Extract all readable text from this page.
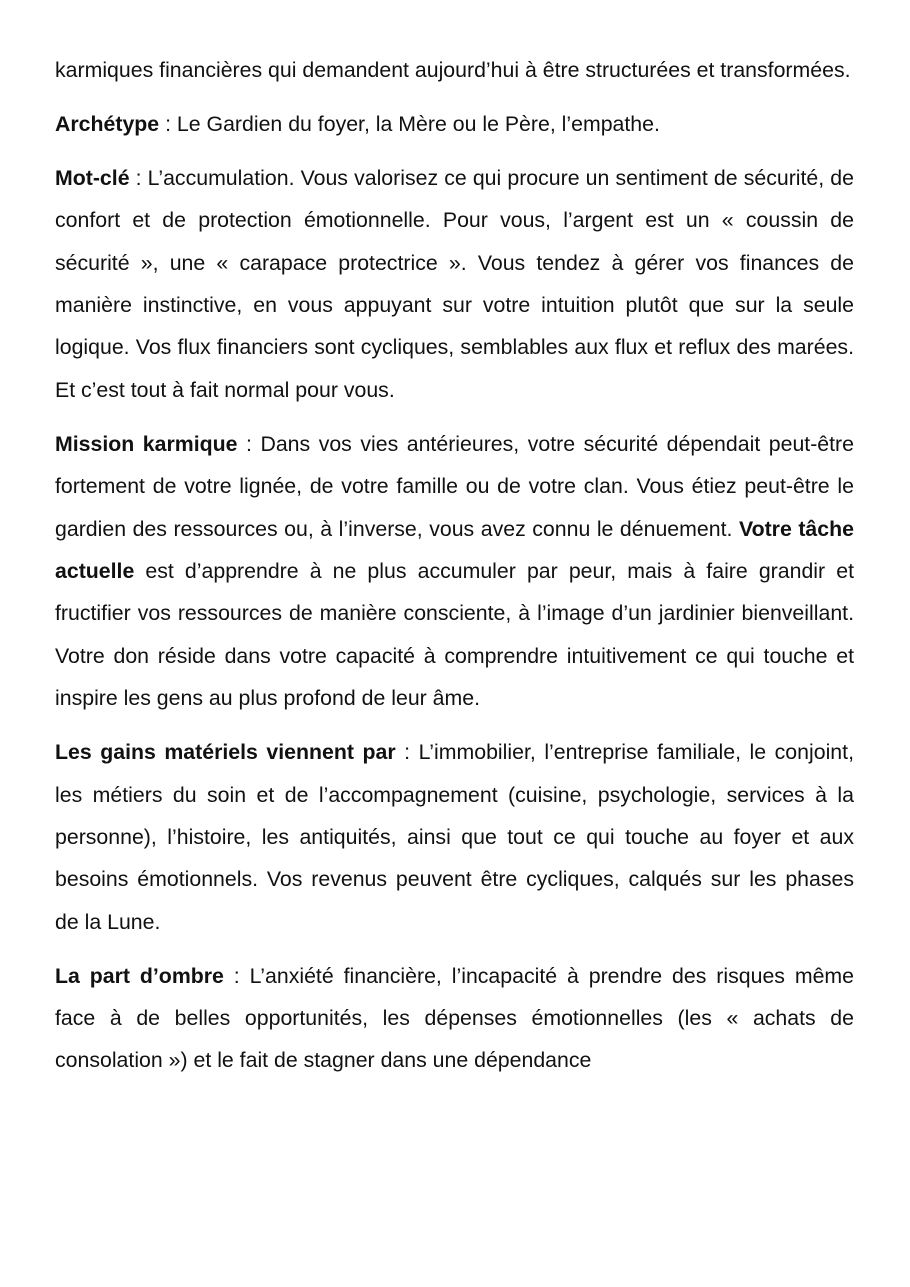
karmiques financières qui demandent aujourd’hui à être structurées et transformées.

Archétype : Le Gardien du foyer, la Mère ou le Père, l’empathe.

Mot-clé : L’accumulation. Vous valorisez ce qui procure un sentiment de sécurité, de confort et de protection émotionnelle. Pour vous, l’argent est un « coussin de sécurité », une « carapace protectrice ». Vous tendez à gérer vos finances de manière instinctive, en vous appuyant sur votre intuition plutôt que sur la seule logique. Vos flux financiers sont cycliques, semblables aux flux et reflux des marées. Et c’est tout à fait normal pour vous.

Mission karmique : Dans vos vies antérieures, votre sécurité dépendait peut-être fortement de votre lignée, de votre famille ou de votre clan. Vous étiez peut-être le gardien des ressources ou, à l’inverse, vous avez connu le dénuement. Votre tâche actuelle est d’apprendre à ne plus accumuler par peur, mais à faire grandir et fructifier vos ressources de manière consciente, à l’image d’un jardinier bienveillant. Votre don réside dans votre capacité à comprendre intuitivement ce qui touche et inspire les gens au plus profond de leur âme.

Les gains matériels viennent par : L’immobilier, l’entreprise familiale, le conjoint, les métiers du soin et de l’accompagnement (cuisine, psychologie, services à la personne), l’histoire, les antiquités, ainsi que tout ce qui touche au foyer et aux besoins émotionnels. Vos revenus peuvent être cycliques, calqués sur les phases de la Lune.

La part d’ombre : L’anxiété financière, l’incapacité à prendre des risques même face à de belles opportunités, les dépenses émotionnelles (les « achats de consolation ») et le fait de stagner dans une dépendance
